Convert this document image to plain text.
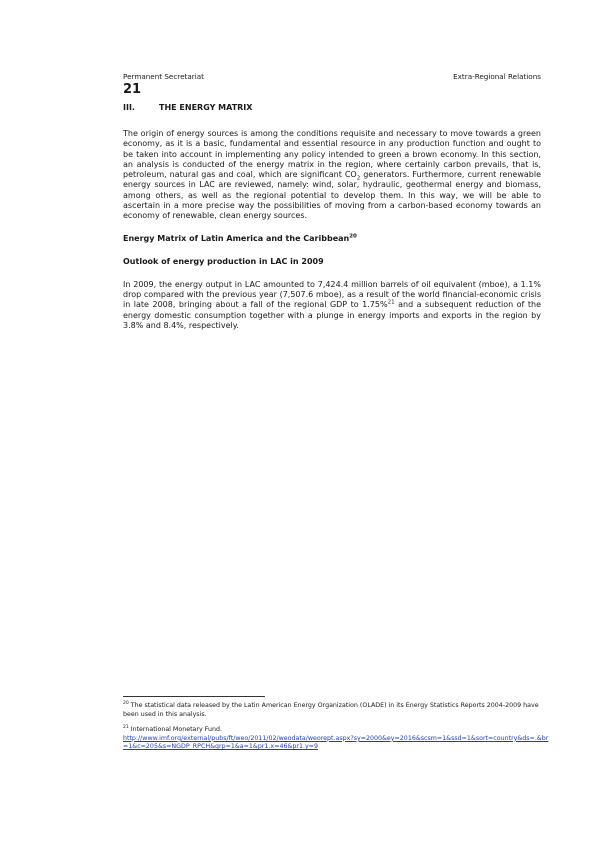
Permanent Secretariat	Extra-Regional Relations
21
III.	THE ENERGY MATRIX

The origin of energy sources is among the conditions requisite and necessary to move towards a green economy, as it is a basic, fundamental and essential resource in any production function and ought to be taken into account in implementing any policy intended to green a brown economy. In this section, an analysis is conducted of the energy matrix in the region, where certainly carbon prevails, that is, petroleum, natural gas and coal, which are significant $CO_2$ generators. Furthermore, current renewable energy sources in LAC are reviewed, namely: wind, solar, hydraulic, geothermal energy and biomass, among others, as well as the regional potential to develop them. In this way, we will be able to ascertain in a more precise way the possibilities of moving from a carbon-based economy towards an economy of renewable, clean energy sources.

Energy Matrix of Latin America and the Caribbean$^{20}$
Outlook of energy production in LAC in 2009

In 2009, the energy output in LAC amounted to 7,424.4 million barrels of oil equivalent (mboe), a 1.1% drop compared with the previous year (7,507.6 mboe), as a result of the world financial-economic crisis in late 2008, bringing about a fall of the regional GDP to 1.75%$^{21}$ and a subsequent reduction of the energy domestic consumption together with a plunge in energy imports and exports in the region by 3.8% and 8.4%, respectively.

$^{20}$ The statistical data released by the Latin American Energy Organization (OLADE) in its Energy Statistics Reports 2004-2009 have been used in this analysis.
$^{21}$ International Monetary Fund.
http://www.imf.org/external/pubs/ft/weo/2011/02/weodata/weorept.aspx?sy=2000&ey=2016&scsm=1&ssd=1&sort=country&ds=.&br=1&c=205&s=NGDP_RPCH&grp=1&a=1&pr1.x=46&pr1.y=9
